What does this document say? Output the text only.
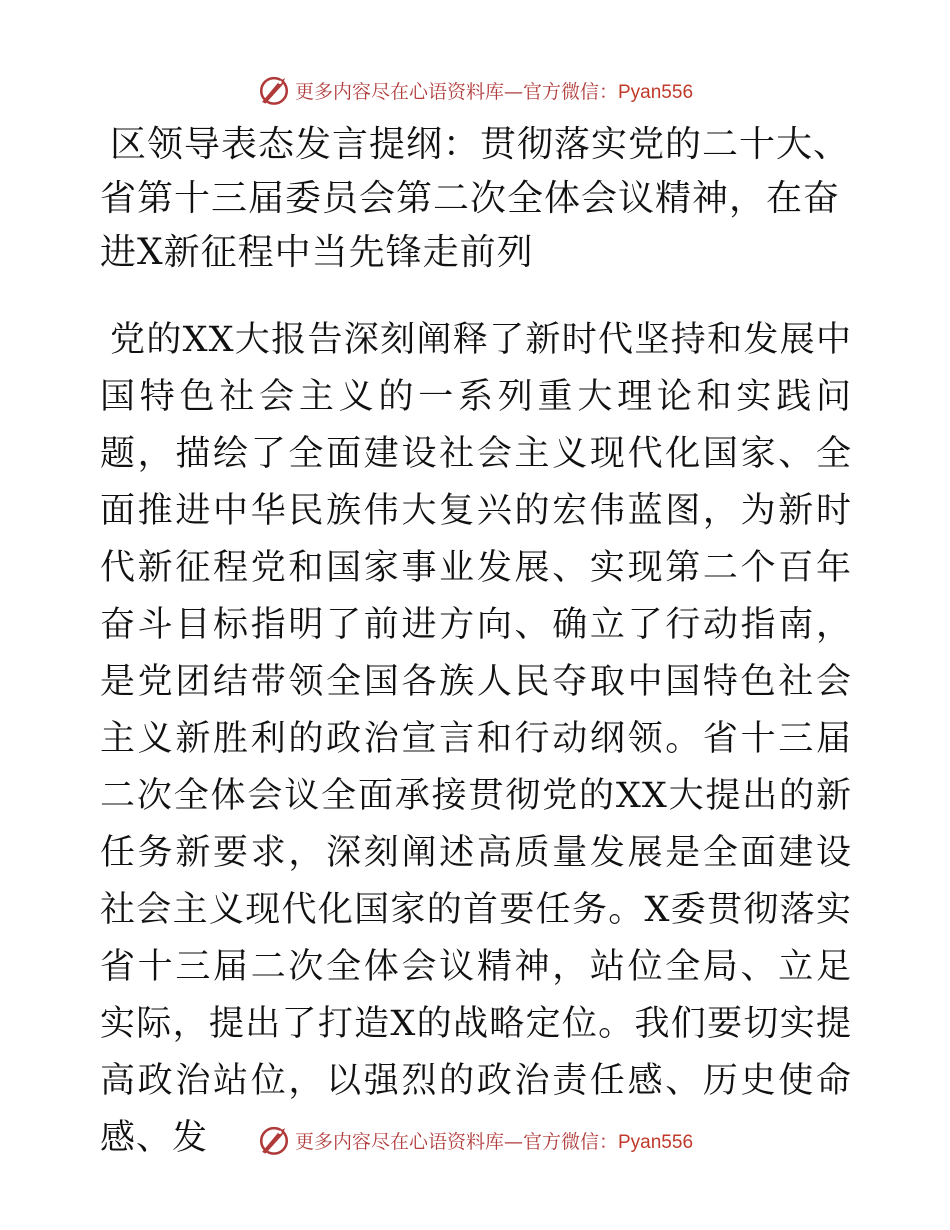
更多内容尽在心语资料库—官方微信：Pyan556
区领导表态发言提纲：贯彻落实党的二十大、省第十三届委员会第二次全体会议精神，在奋进X新征程中当先锋走前列

党的XX大报告深刻阐释了新时代坚持和发展中国特色社会主义的一系列重大理论和实践问题，描绘了全面建设社会主义现代化国家、全面推进中华民族伟大复兴的宏伟蓝图，为新时代新征程党和国家事业发展、实现第二个百年奋斗目标指明了前进方向、确立了行动指南，是党团结带领全国各族人民夺取中国特色社会主义新胜利的政治宣言和行动纲领。省十三届二次全体会议全面承接贯彻党的XX大提出的新任务新要求，深刻阐述高质量发展是全面建设社会主义现代化国家的首要任务。X委贯彻落实省十三届二次全体会议精神，站位全局、立足实际，提出了打造X的战略定位。我们要切实提高政治站位，以强烈的政治责任感、历史使命感、发	更多内容尽在心语资料库—官方微信：Pyan556
